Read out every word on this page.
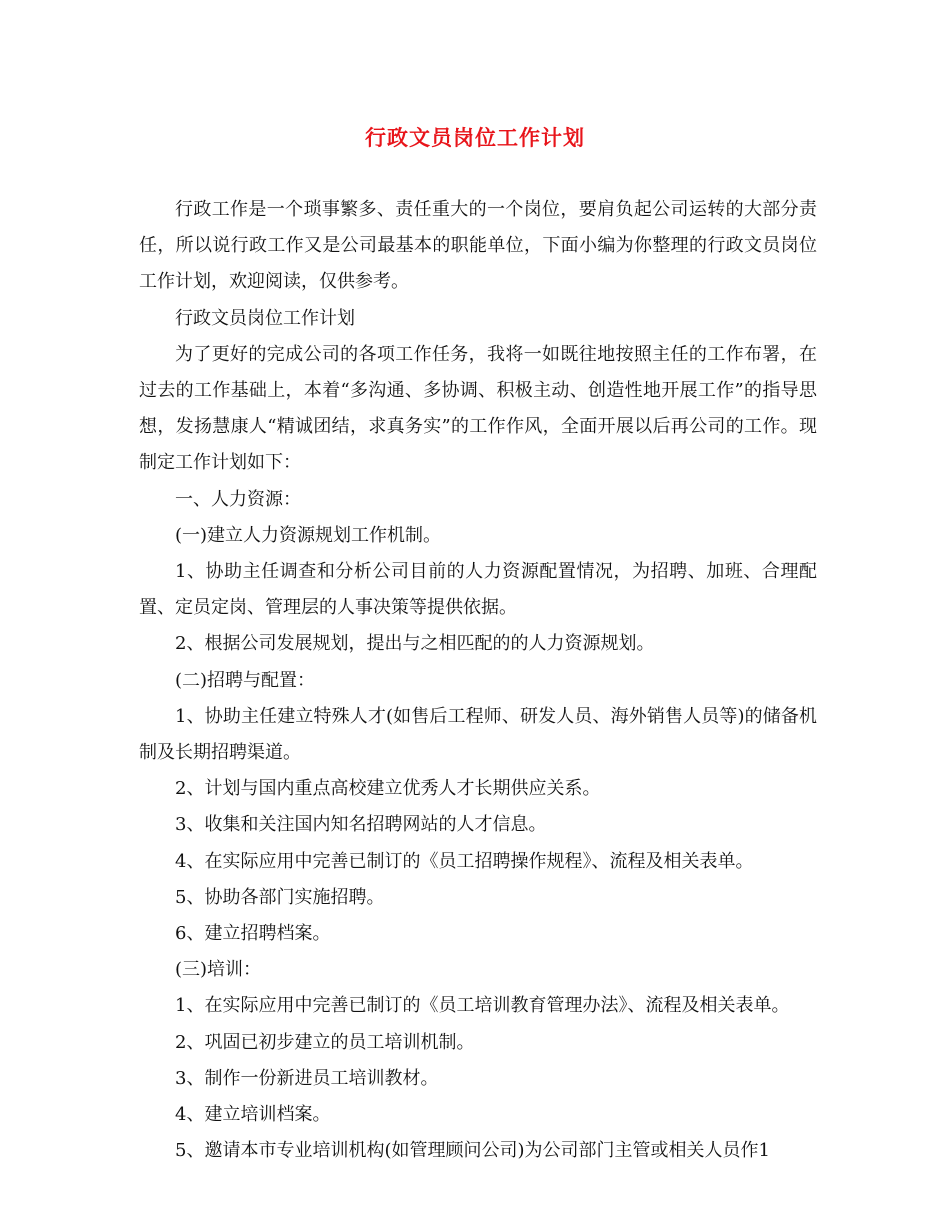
行政文员岗位工作计划

行政工作是一个琐事繁多、责任重大的一个岗位，要肩负起公司运转的大部分责任，所以说行政工作又是公司最基本的职能单位，下面小编为你整理的行政文员岗位工作计划，欢迎阅读，仅供参考。

行政文员岗位工作计划

为了更好的完成公司的各项工作任务，我将一如既往地按照主任的工作布署，在过去的工作基础上，本着“多沟通、多协调、积极主动、创造性地开展工作”的指导思想，发扬慧康人“精诚团结，求真务实”的工作作风，全面开展以后再公司的工作。现制定工作计划如下：

一、人力资源：

(一)建立人力资源规划工作机制。

1、协助主任调查和分析公司目前的人力资源配置情况，为招聘、加班、合理配置、定员定岗、管理层的人事决策等提供依据。

2、根据公司发展规划，提出与之相匹配的的人力资源规划。

(二)招聘与配置：

1、协助主任建立特殊人才(如售后工程师、研发人员、海外销售人员等)的储备机制及长期招聘渠道。

2、计划与国内重点高校建立优秀人才长期供应关系。

3、收集和关注国内知名招聘网站的人才信息。

4、在实际应用中完善已制订的《员工招聘操作规程》、流程及相关表单。

5、协助各部门实施招聘。

6、建立招聘档案。

(三)培训：

1、在实际应用中完善已制订的《员工培训教育管理办法》、流程及相关表单。

2、巩固已初步建立的员工培训机制。

3、制作一份新进员工培训教材。

4、建立培训档案。

5、邀请本市专业培训机构(如管理顾问公司)为公司部门主管或相关人员作1
